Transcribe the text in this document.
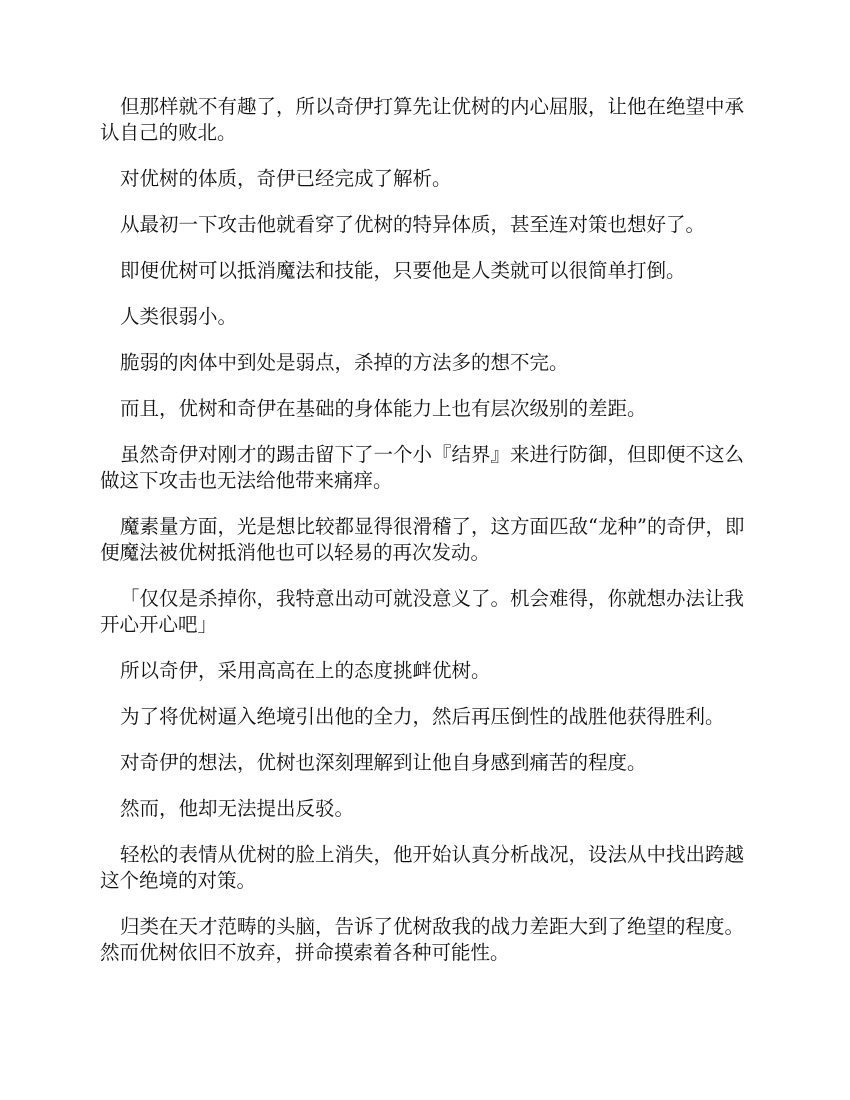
但那样就不有趣了，所以奇伊打算先让优树的内心屈服，让他在绝望中承认自己的败北。

对优树的体质，奇伊已经完成了解析。

从最初一下攻击他就看穿了优树的特异体质，甚至连对策也想好了。

即便优树可以抵消魔法和技能，只要他是人类就可以很简单打倒。

人类很弱小。

脆弱的肉体中到处是弱点，杀掉的方法多的想不完。

而且，优树和奇伊在基础的身体能力上也有层次级别的差距。

虽然奇伊对刚才的踢击留下了一个小『结界』来进行防御，但即便不这么做这下攻击也无法给他带来痛痒。

魔素量方面，光是想比较都显得很滑稽了，这方面匹敌“龙种”的奇伊，即便魔法被优树抵消他也可以轻易的再次发动。

「仅仅是杀掉你，我特意出动可就没意义了。机会难得，你就想办法让我开心开心吧」

所以奇伊，采用高高在上的态度挑衅优树。

为了将优树逼入绝境引出他的全力，然后再压倒性的战胜他获得胜利。

对奇伊的想法，优树也深刻理解到让他自身感到痛苦的程度。

然而，他却无法提出反驳。

轻松的表情从优树的脸上消失，他开始认真分析战况，设法从中找出跨越这个绝境的对策。

归类在天才范畴的头脑，告诉了优树敌我的战力差距大到了绝望的程度。然而优树依旧不放弃，拼命摸索着各种可能性。
